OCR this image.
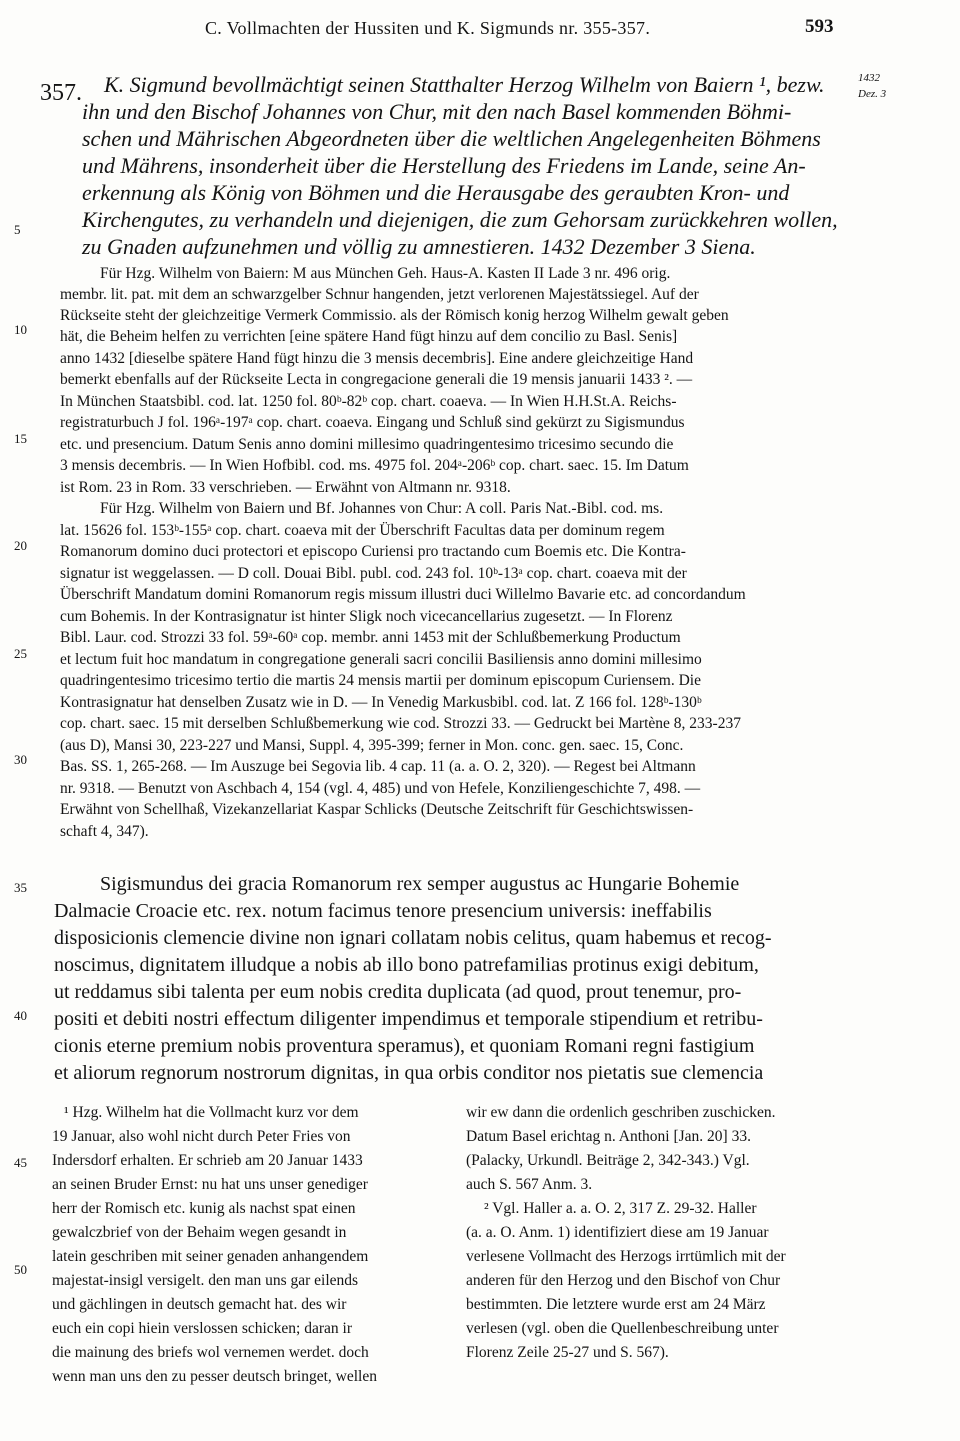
C. Vollmachten der Hussiten und K. Sigmunds nr. 355-357.	593
5
10
15
20
25
30
35
40
45
50
357.
1432
Dez. 3
K. Sigmund bevollmächtigt seinen Statthalter Herzog Wilhelm von Baiern ¹, bezw.
ihn und den Bischof Johannes von Chur, mit den nach Basel kommenden Böhmi-
schen und Mährischen Abgeordneten über die weltlichen Angelegenheiten Böhmens
und Mährens, insonderheit über die Herstellung des Friedens im Lande, seine An-
erkennung als König von Böhmen und die Herausgabe des geraubten Kron- und
Kirchengutes, zu verhandeln und diejenigen, die zum Gehorsam zurückkehren wollen,
zu Gnaden aufzunehmen und völlig zu amnestieren. 1432 Dezember 3 Siena.
Für Hzg. Wilhelm von Baiern: M aus München Geh. Haus-A. Kasten II Lade 3 nr. 496 orig.
membr. lit. pat. mit dem an schwarzgelber Schnur hangenden, jetzt verlorenen Majestätssiegel. Auf der
Rückseite steht der gleichzeitige Vermerk Commissio. als der Römisch konig herzog Wilhelm gewalt geben
hät, die Beheim helfen zu verrichten [eine spätere Hand fügt hinzu auf dem concilio zu Basl. Senis]
anno 1432 [dieselbe spätere Hand fügt hinzu die 3 mensis decembris]. Eine andere gleichzeitige Hand
bemerkt ebenfalls auf der Rückseite Lecta in congregacione generali die 19 mensis januarii 1433 ². —
In München Staatsbibl. cod. lat. 1250 fol. 80ᵇ-82ᵇ cop. chart. coaeva. — In Wien H.H.St.A. Reichs-
registraturbuch J fol. 196ᵃ-197ᵃ cop. chart. coaeva. Eingang und Schluß sind gekürzt zu Sigismundus
etc. und presencium. Datum Senis anno domini millesimo quadringentesimo tricesimo secundo die
3 mensis decembris. — In Wien Hofbibl. cod. ms. 4975 fol. 204ᵃ-206ᵇ cop. chart. saec. 15. Im Datum
ist Rom. 23 in Rom. 33 verschrieben. — Erwähnt von Altmann nr. 9318.
Für Hzg. Wilhelm von Baiern und Bf. Johannes von Chur: A coll. Paris Nat.-Bibl. cod. ms.
lat. 15626 fol. 153ᵇ-155ᵃ cop. chart. coaeva mit der Überschrift Facultas data per dominum regem
Romanorum domino duci protectori et episcopo Curiensi pro tractando cum Boemis etc. Die Kontra-
signatur ist weggelassen. — D coll. Douai Bibl. publ. cod. 243 fol. 10ᵇ-13ᵃ cop. chart. coaeva mit der
Überschrift Mandatum domini Romanorum regis missum illustri duci Willelmo Bavarie etc. ad concordandum
cum Bohemis. In der Kontrasignatur ist hinter Sligk noch vicecancellarius zugesetzt. — In Florenz
Bibl. Laur. cod. Strozzi 33 fol. 59ᵃ-60ᵃ cop. membr. anni 1453 mit der Schlußbemerkung Productum
et lectum fuit hoc mandatum in congregatione generali sacri concilii Basiliensis anno domini millesimo
quadringentesimo tricesimo tertio die martis 24 mensis martii per dominum episcopum Curiensem. Die
Kontrasignatur hat denselben Zusatz wie in D. — In Venedig Markusbibl. cod. lat. Z 166 fol. 128ᵇ-130ᵇ
cop. chart. saec. 15 mit derselben Schlußbemerkung wie cod. Strozzi 33. — Gedruckt bei Martène 8, 233-237
(aus D), Mansi 30, 223-227 und Mansi, Suppl. 4, 395-399; ferner in Mon. conc. gen. saec. 15, Conc.
Bas. SS. 1, 265-268. — Im Auszuge bei Segovia lib. 4 cap. 11 (a. a. O. 2, 320). — Regest bei Altmann
nr. 9318. — Benutzt von Aschbach 4, 154 (vgl. 4, 485) und von Hefele, Konziliengeschichte 7, 498. —
Erwähnt von Schellhaß, Vizekanzellariat Kaspar Schlicks (Deutsche Zeitschrift für Geschichtswissen-
schaft 4, 347).
Sigismundus dei gracia Romanorum rex semper augustus ac Hungarie Bohemie
Dalmacie Croacie etc. rex. notum facimus tenore presencium universis: ineffabilis
disposicionis clemencie divine non ignari collatam nobis celitus, quam habemus et recog-
noscimus, dignitatem illudque a nobis ab illo bono patrefamilias protinus exigi debitum,
ut reddamus sibi talenta per eum nobis credita duplicata (ad quod, prout tenemur, pro-
positi et debiti nostri effectum diligenter impendimus et temporale stipendium et retribu-
cionis eterne premium nobis proventura speramus), et quoniam Romani regni fastigium
et aliorum regnorum nostrorum dignitas, in qua orbis conditor nos pietatis sue clemencia
¹ Hzg. Wilhelm hat die Vollmacht kurz vor dem
19 Januar, also wohl nicht durch Peter Fries von
Indersdorf erhalten. Er schrieb am 20 Januar 1433
an seinen Bruder Ernst: nu hat uns unser genediger
herr der Romisch etc. kunig als nachst spat einen
gewalczbrief von der Behaim wegen gesandt in
latein geschriben mit seiner genaden anhangendem
majestat-insigl versigelt. den man uns gar eilends
und gächlingen in deutsch gemacht hat. des wir
euch ein copi hiein verslossen schicken; daran ir
die mainung des briefs wol vernemen werdet. doch
wenn man uns den zu pesser deutsch bringet, wellen
wir ew dann die ordenlich geschriben zuschicken.
Datum Basel erichtag n. Anthoni [Jan. 20] 33.
(Palacky, Urkundl. Beiträge 2, 342-343.) Vgl.
auch S. 567 Anm. 3.
² Vgl. Haller a. a. O. 2, 317 Z. 29-32. Haller
(a. a. O. Anm. 1) identifiziert diese am 19 Januar
verlesene Vollmacht des Herzogs irrtümlich mit der
anderen für den Herzog und den Bischof von Chur
bestimmten. Die letztere wurde erst am 24 März
verlesen (vgl. oben die Quellenbeschreibung unter
Florenz Zeile 25-27 und S. 567).
